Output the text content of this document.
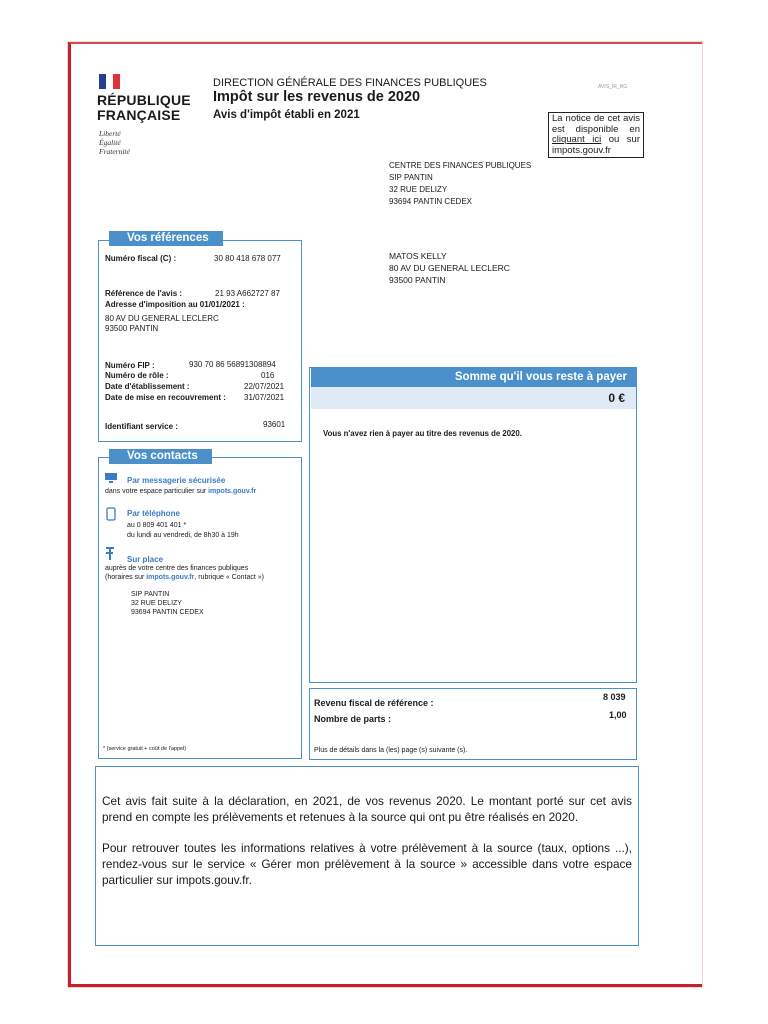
RÉPUBLIQUE FRANÇAISE
Liberté
Égalité
Fraternité
DIRECTION GÉNÉRALE DES FINANCES PUBLIQUES
Impôt sur les revenus de 2020
Avis d'impôt établi en 2021
AVIS_IR_RG
La notice de cet avis est disponible en cliquant ici ou sur impots.gouv.fr
CENTRE DES FINANCES PUBLIQUES
SIP PANTIN
32 RUE DELIZY
93694 PANTIN CEDEX
MATOS KELLY
80 AV DU GENERAL LECLERC
93500 PANTIN
Vos références
Numéro fiscal (C) :	30 80 418 678 077
Référence de l'avis :	21 93 A662727 87
Adresse d'imposition au 01/01/2021 :
80 AV DU GENERAL LECLERC
93500 PANTIN
Numéro FIP :	930 70 86 56891308894
Numéro de rôle :	016
Date d'établissement :	22/07/2021
Date de mise en recouvrement : 31/07/2021
Identifiant service :	93601
Vos contacts
Par messagerie sécurisée
dans votre espace particulier sur impots.gouv.fr
Par téléphone
au 0 809 401 401 *
du lundi au vendredi, de 8h30 à 19h
Sur place
auprès de votre centre des finances publiques
(horaires sur impots.gouv.fr, rubrique « Contact »)
SIP PANTIN
32 RUE DELIZY
93694 PANTIN CEDEX
* (service gratuit + coût de l'appel)
Somme qu'il vous reste à payer
0 €
Vous n'avez rien à payer au titre des revenus de 2020.
Revenu fiscal de référence :
8 039
Nombre de parts :	1,00
Plus de détails dans la (les) page (s) suivante (s).
Cet avis fait suite à la déclaration, en 2021, de vos revenus 2020. Le montant porté sur cet avis prend en compte les prélèvements et retenues à la source qui ont pu être réalisés en 2020.
Pour retrouver toutes les informations relatives à votre prélèvement à la source (taux, options ...), rendez-vous sur le service « Gérer mon prélèvement à la source » accessible dans votre espace particulier sur impots.gouv.fr.
